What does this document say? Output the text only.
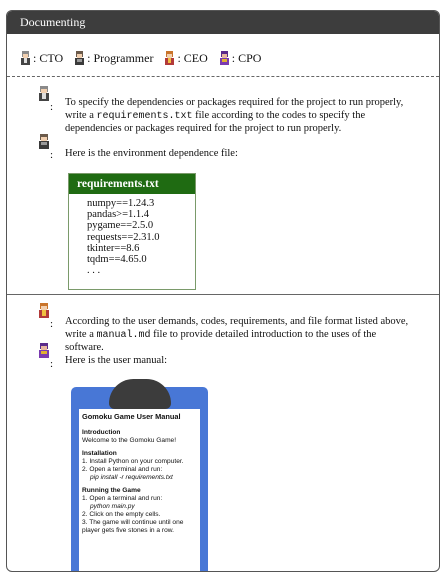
Documenting
: CTO : Programmer : CEO : CPO
: To specify the dependencies or packages required for the project to run properly, write a requirements.txt file according to the codes to specify the dependencies or packages required for the project to run properly.
: Here is the environment dependence file:
requirements.txt
numpy==1.24.3
pandas>=1.1.4
pygame==2.5.0
requests==2.31.0
tkinter==8.6
tqdm==4.65.0
. . .
: According to the user demands, codes, requirements, and file format listed above, write a manual.md file to provide detailed introduction to the uses of the software.
: Here is the user manual:
Gomoku Game User Manual
Introduction
Welcome to the Gomoku Game!
Installation
1. Install Python on your computer.
2. Open a terminal and run:
pip install -r requirements.txt
Running the Game
1. Open a terminal and run:
python main.py
2. Click on the empty cells.
3. The game will continue until one
player gets five stones in a row.
